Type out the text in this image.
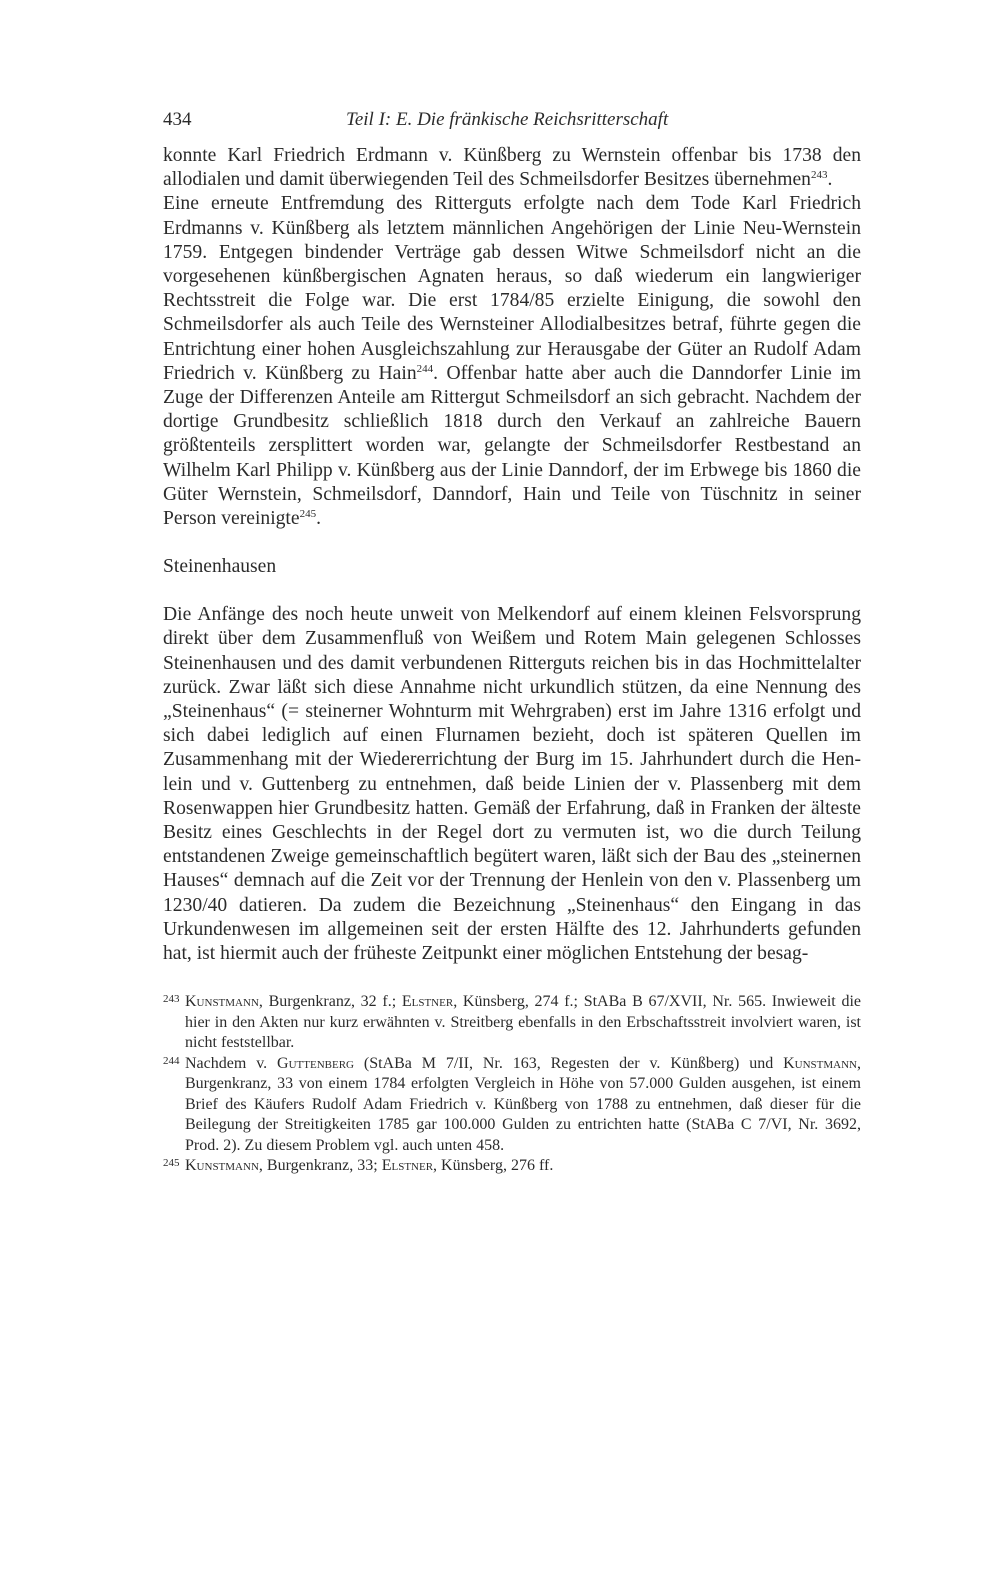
434	Teil I: E. Die fränkische Reichsritterschaft

konnte Karl Friedrich Erdmann v. Künßberg zu Wernstein offenbar bis 1738 den allodialen und damit überwiegenden Teil des Schmeilsdorfer Besitzes übernehmen$^{243}$.

Eine erneute Entfremdung des Ritterguts erfolgte nach dem Tode Karl Friedrich Erdmanns v. Künßberg als letztem männlichen Angehörigen der Linie Neu-Wernstein 1759. Entgegen bindender Verträge gab dessen Witwe Schmeilsdorf nicht an die vorgesehenen künßbergischen Agnaten heraus, so daß wiederum ein langwieriger Rechtsstreit die Folge war. Die erst 1784/85 erzielte Einigung, die sowohl den Schmeilsdorfer als auch Teile des Wernsteiner Allodialbesitzes betraf, führte gegen die Entrichtung einer hohen Ausgleichszahlung zur Herausgabe der Güter an Rudolf Adam Friedrich v. Künßberg zu Hain$^{244}$. Offenbar hatte aber auch die Danndorfer Linie im Zuge der Differenzen Anteile am Rittergut Schmeilsdorf an sich gebracht. Nachdem der dortige Grundbesitz schließlich 1818 durch den Verkauf an zahlreiche Bauern größtenteils zersplittert worden war, gelangte der Schmeilsdorfer Restbestand an Wilhelm Karl Philipp v. Künßberg aus der Linie Danndorf, der im Erbwege bis 1860 die Güter Wernstein, Schmeilsdorf, Danndorf, Hain und Teile von Tüschnitz in seiner Person vereinigte$^{245}$.

Steinenhausen

Die Anfänge des noch heute unweit von Melkendorf auf einem kleinen Felsvorsprung direkt über dem Zusammenfluß von Weißem und Rotem Main gelegenen Schlosses Steinenhausen und des damit verbundenen Ritterguts reichen bis in das Hochmittelalter zurück. Zwar läßt sich diese Annahme nicht urkundlich stützen, da eine Nennung des „Steinenhaus“ (= steinerner Wohnturm mit Wehrgraben) erst im Jahre 1316 erfolgt und sich dabei lediglich auf einen Flurnamen bezieht, doch ist späteren Quellen im Zusammenhang mit der Wiedererrichtung der Burg im 15. Jahrhundert durch die Henlein und v. Guttenberg zu entnehmen, daß beide Linien der v. Plassenberg mit dem Rosenwappen hier Grundbesitz hatten. Gemäß der Erfahrung, daß in Franken der älteste Besitz eines Geschlechts in der Regel dort zu vermuten ist, wo die durch Teilung entstandenen Zweige gemeinschaftlich begütert waren, läßt sich der Bau des „steinernen Hauses“ demnach auf die Zeit vor der Trennung der Henlein von den v. Plassenberg um 1230/40 datieren. Da zudem die Bezeichnung „Steinenhaus“ den Eingang in das Urkundenwesen im allgemeinen seit der ersten Hälfte des 12. Jahrhunderts gefunden hat, ist hiermit auch der früheste Zeitpunkt einer möglichen Entstehung der besag-

243 Kunstmann, Burgenkranz, 32 f.; Elstner, Künsberg, 274 f.; StABa B 67/XVII, Nr. 565. Inwieweit die hier in den Akten nur kurz erwähnten v. Streitberg ebenfalls in den Erbschaftsstreit involviert waren, ist nicht feststellbar.

244 Nachdem v. Guttenberg (StABa M 7/II, Nr. 163, Regesten der v. Künßberg) und Kunstmann, Burgenkranz, 33 von einem 1784 erfolgten Vergleich in Höhe von 57.000 Gulden ausgehen, ist einem Brief des Käufers Rudolf Adam Friedrich v. Künßberg von 1788 zu entnehmen, daß dieser für die Beilegung der Streitigkeiten 1785 gar 100.000 Gulden zu entrichten hatte (StABa C 7/VI, Nr. 3692, Prod. 2). Zu diesem Problem vgl. auch unten 458.

245 Kunstmann, Burgenkranz, 33; Elstner, Künsberg, 276 ff.
